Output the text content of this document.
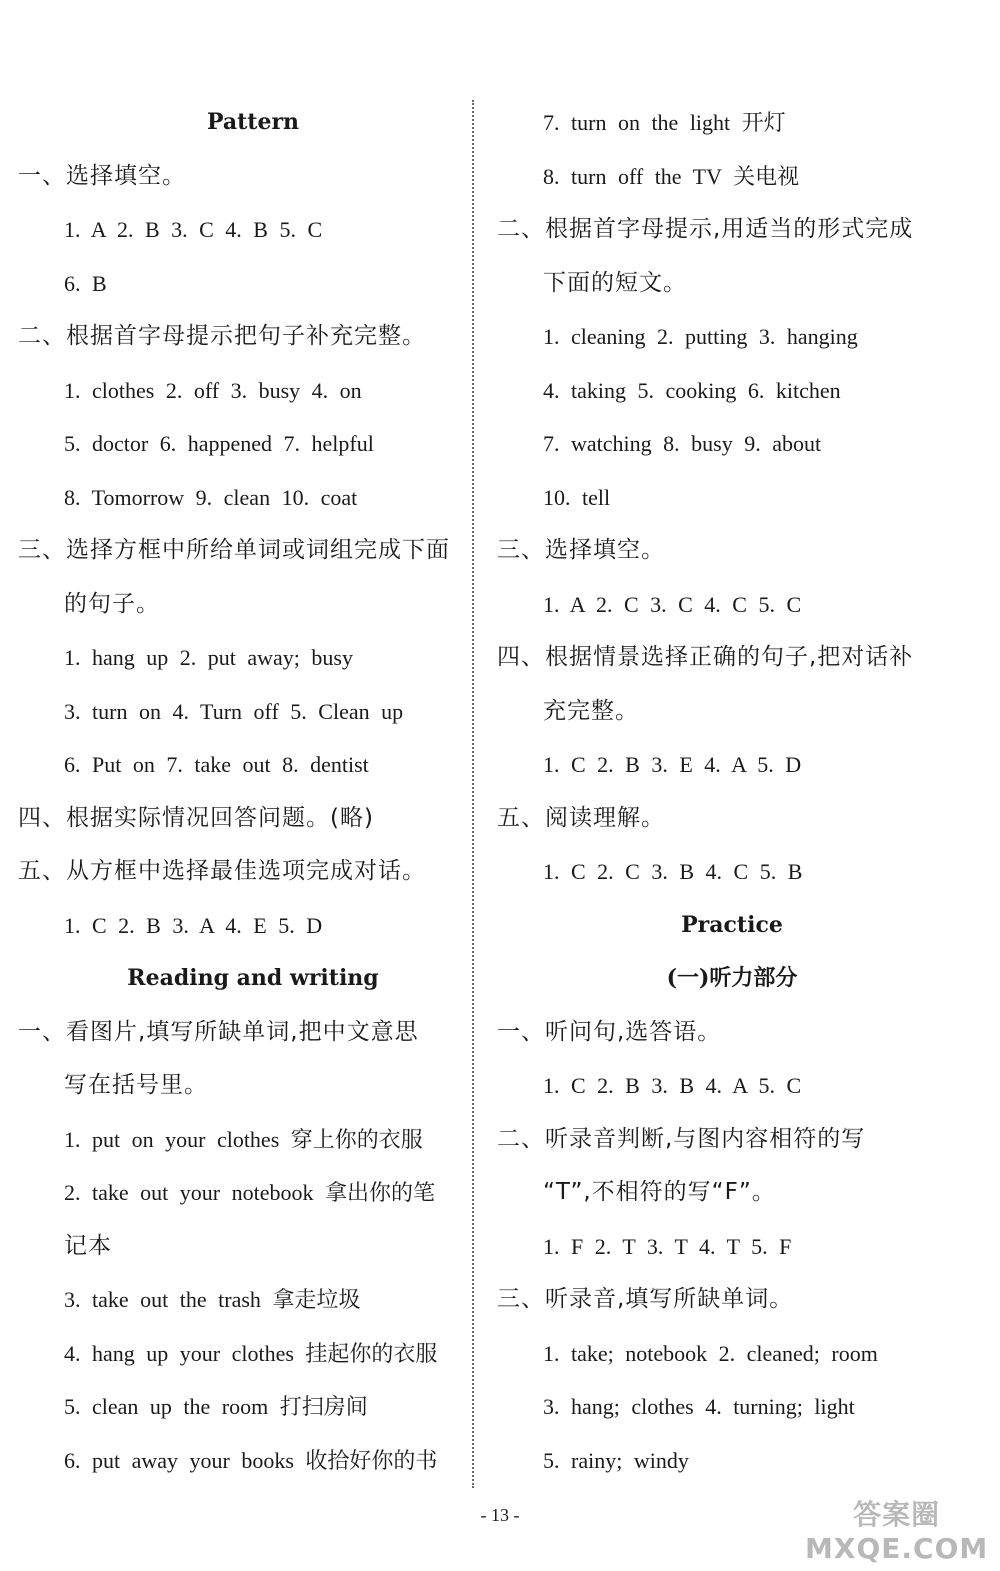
Pattern
一、选择填空。
1. A 2. B 3. C 4. B 5. C
6. B
二、根据首字母提示把句子补充完整。
1. clothes 2. off 3. busy 4. on
5. doctor 6. happened 7. helpful
8. Tomorrow 9. clean 10. coat
三、选择方框中所给单词或词组完成下面
的句子。
1. hang up 2. put away; busy
3. turn on 4. Turn off 5. Clean up
6. Put on 7. take out 8. dentist
四、根据实际情况回答问题。(略)
五、从方框中选择最佳选项完成对话。
1. C 2. B 3. A 4. E 5. D
Reading and writing
一、看图片,填写所缺单词,把中文意思
写在括号里。
1. put on your clothes 穿上你的衣服
2. take out your notebook 拿出你的笔
记本
3. take out the trash 拿走垃圾
4. hang up your clothes 挂起你的衣服
5. clean up the room 打扫房间
6. put away your books 收拾好你的书
7. turn on the light 开灯
8. turn off the TV 关电视
二、根据首字母提示,用适当的形式完成
下面的短文。
1. cleaning 2. putting 3. hanging
4. taking 5. cooking 6. kitchen
7. watching 8. busy 9. about
10. tell
三、选择填空。
1. A 2. C 3. C 4. C 5. C
四、根据情景选择正确的句子,把对话补
充完整。
1. C 2. B 3. E 4. A 5. D
五、阅读理解。
1. C 2. C 3. B 4. C 5. B
Practice
(一)听力部分
一、听问句,选答语。
1. C 2. B 3. B 4. A 5. C
二、听录音判断,与图内容相符的写
“T”,不相符的写“F”。
1. F 2. T 3. T 4. T 5. F
三、听录音,填写所缺单词。
1. take; notebook 2. cleaned; room
3. hang; clothes 4. turning; light
5. rainy; windy
- 13 -	答案圈
MXQE.COM
